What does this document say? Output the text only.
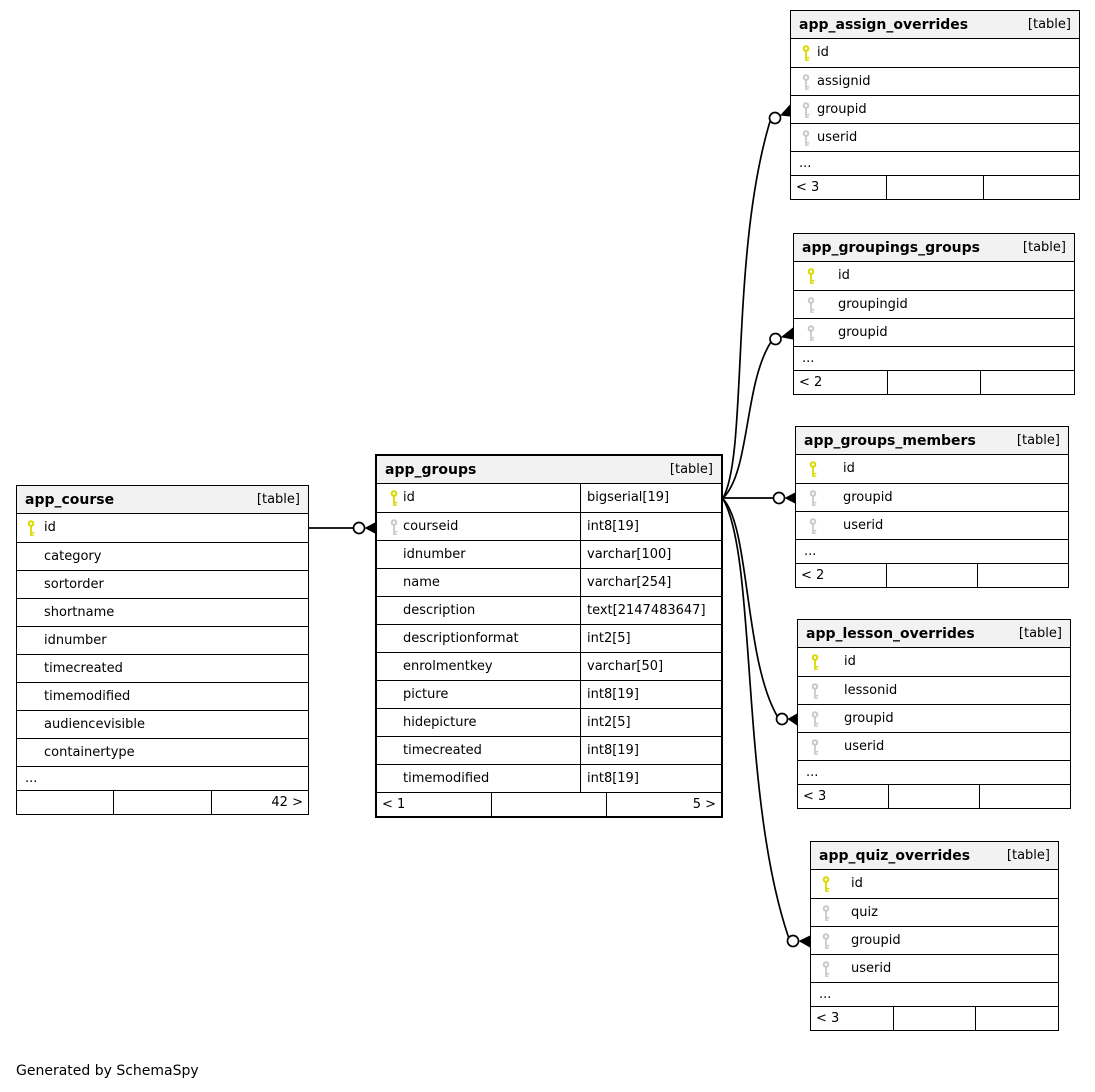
app_course	[table]
id
category
sortorder
shortname
idnumber
timecreated
timemodified
audiencevisible
containertype
...
42 >
app_groups	[table]
id	bigserial[19]
courseid	int8[19]
idnumber	varchar[100]
name	varchar[254]
description	text[2147483647]
descriptionformat	int2[5]
enrolmentkey	varchar[50]
picture	int8[19]
hidepicture	int2[5]
timecreated	int8[19]
timemodified	int8[19]
< 1	5 >
app_assign_overrides	[table]
id
assignid
groupid
userid
...
< 3
app_groupings_groups	[table]
id
groupingid
groupid
...
< 2
app_groups_members	[table]
id
groupid
userid
...
< 2
app_lesson_overrides	[table]
id
lessonid
groupid
userid
...
< 3
app_quiz_overrides	[table]
id
quiz
groupid
userid
...
< 3
Generated by SchemaSpy
